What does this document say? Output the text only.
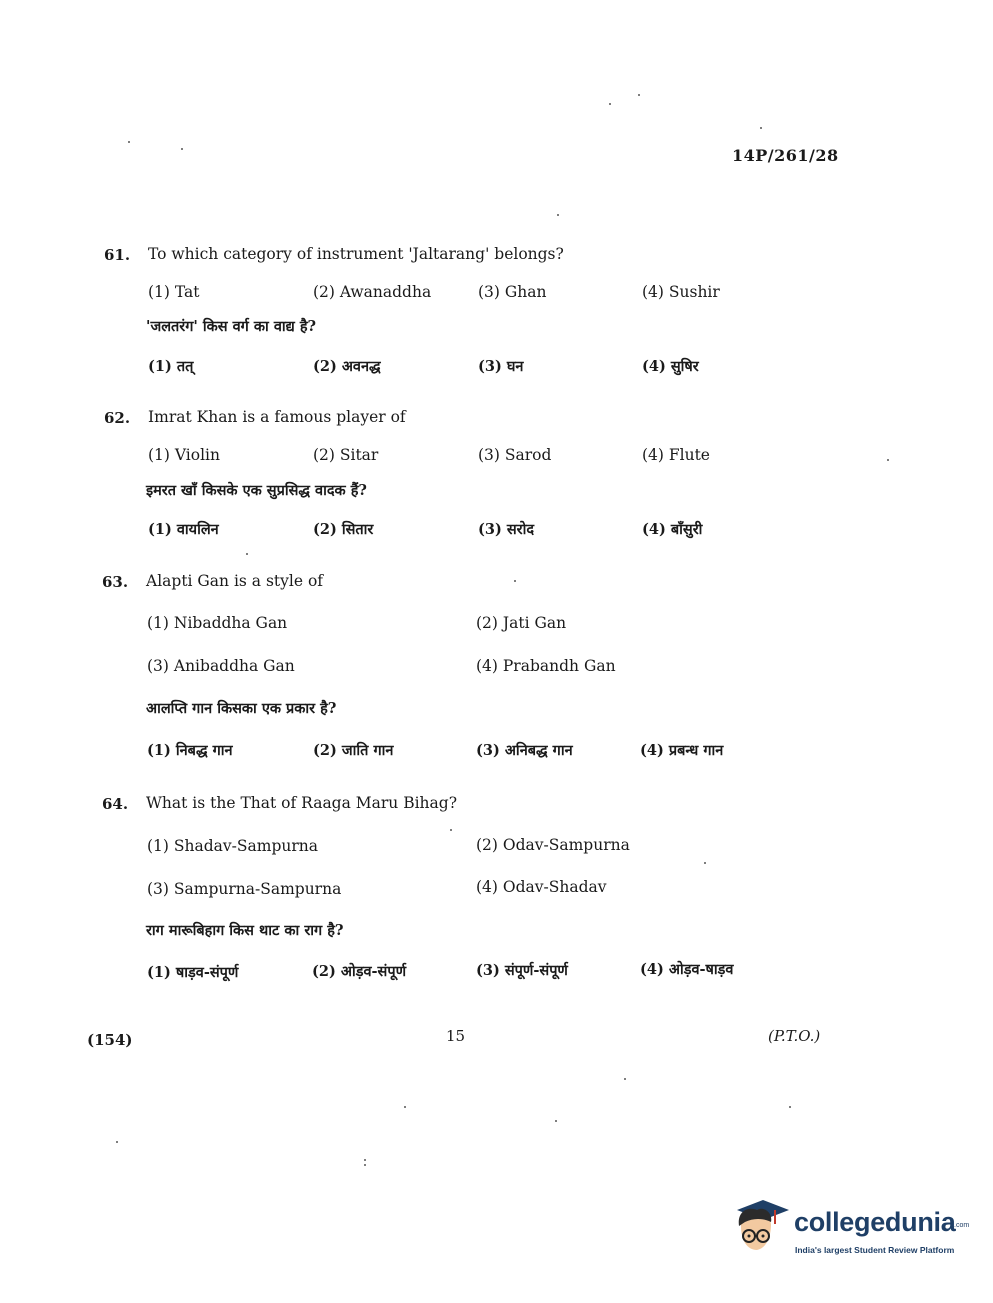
14P/261/28
61. To which category of instrument 'Jaltarang' belongs?
(1) Tat	(2) Awanaddha	(3) Ghan	(4) Sushir
'जलतरंग' किस वर्ग का वाद्य है?
(1) तत्	(2) अवनद्ध	(3) घन	(4) सुषिर
62. Imrat Khan is a famous player of
(1) Violin	(2) Sitar	(3) Sarod	(4) Flute
इमरत खाँ किसके एक सुप्रसिद्ध वादक हैं?
(1) वायलिन	(2) सितार	(3) सरोद	(4) बाँसुरी
63. Alapti Gan is a style of
(1) Nibaddha Gan	(2) Jati Gan
(3) Anibaddha Gan	(4) Prabandh Gan
आलप्ति गान किसका एक प्रकार है?
(1) निबद्ध गान	(2) जाति गान	(3) अनिबद्ध गान	(4) प्रबन्ध गान
64. What is the That of Raaga Maru Bihag?
(1) Shadav-Sampurna	(2) Odav-Sampurna
(3) Sampurna-Sampurna	(4) Odav-Shadav
राग मारूबिहाग किस थाट का राग है?
(1) षाड़व-संपूर्ण	(2) ओड़व-संपूर्ण	(3) संपूर्ण-संपूर्ण	(4) ओड़व-षाड़व
(154)	15	(P.T.O.)
collegedunia
.com
India's largest Student Review Platform
